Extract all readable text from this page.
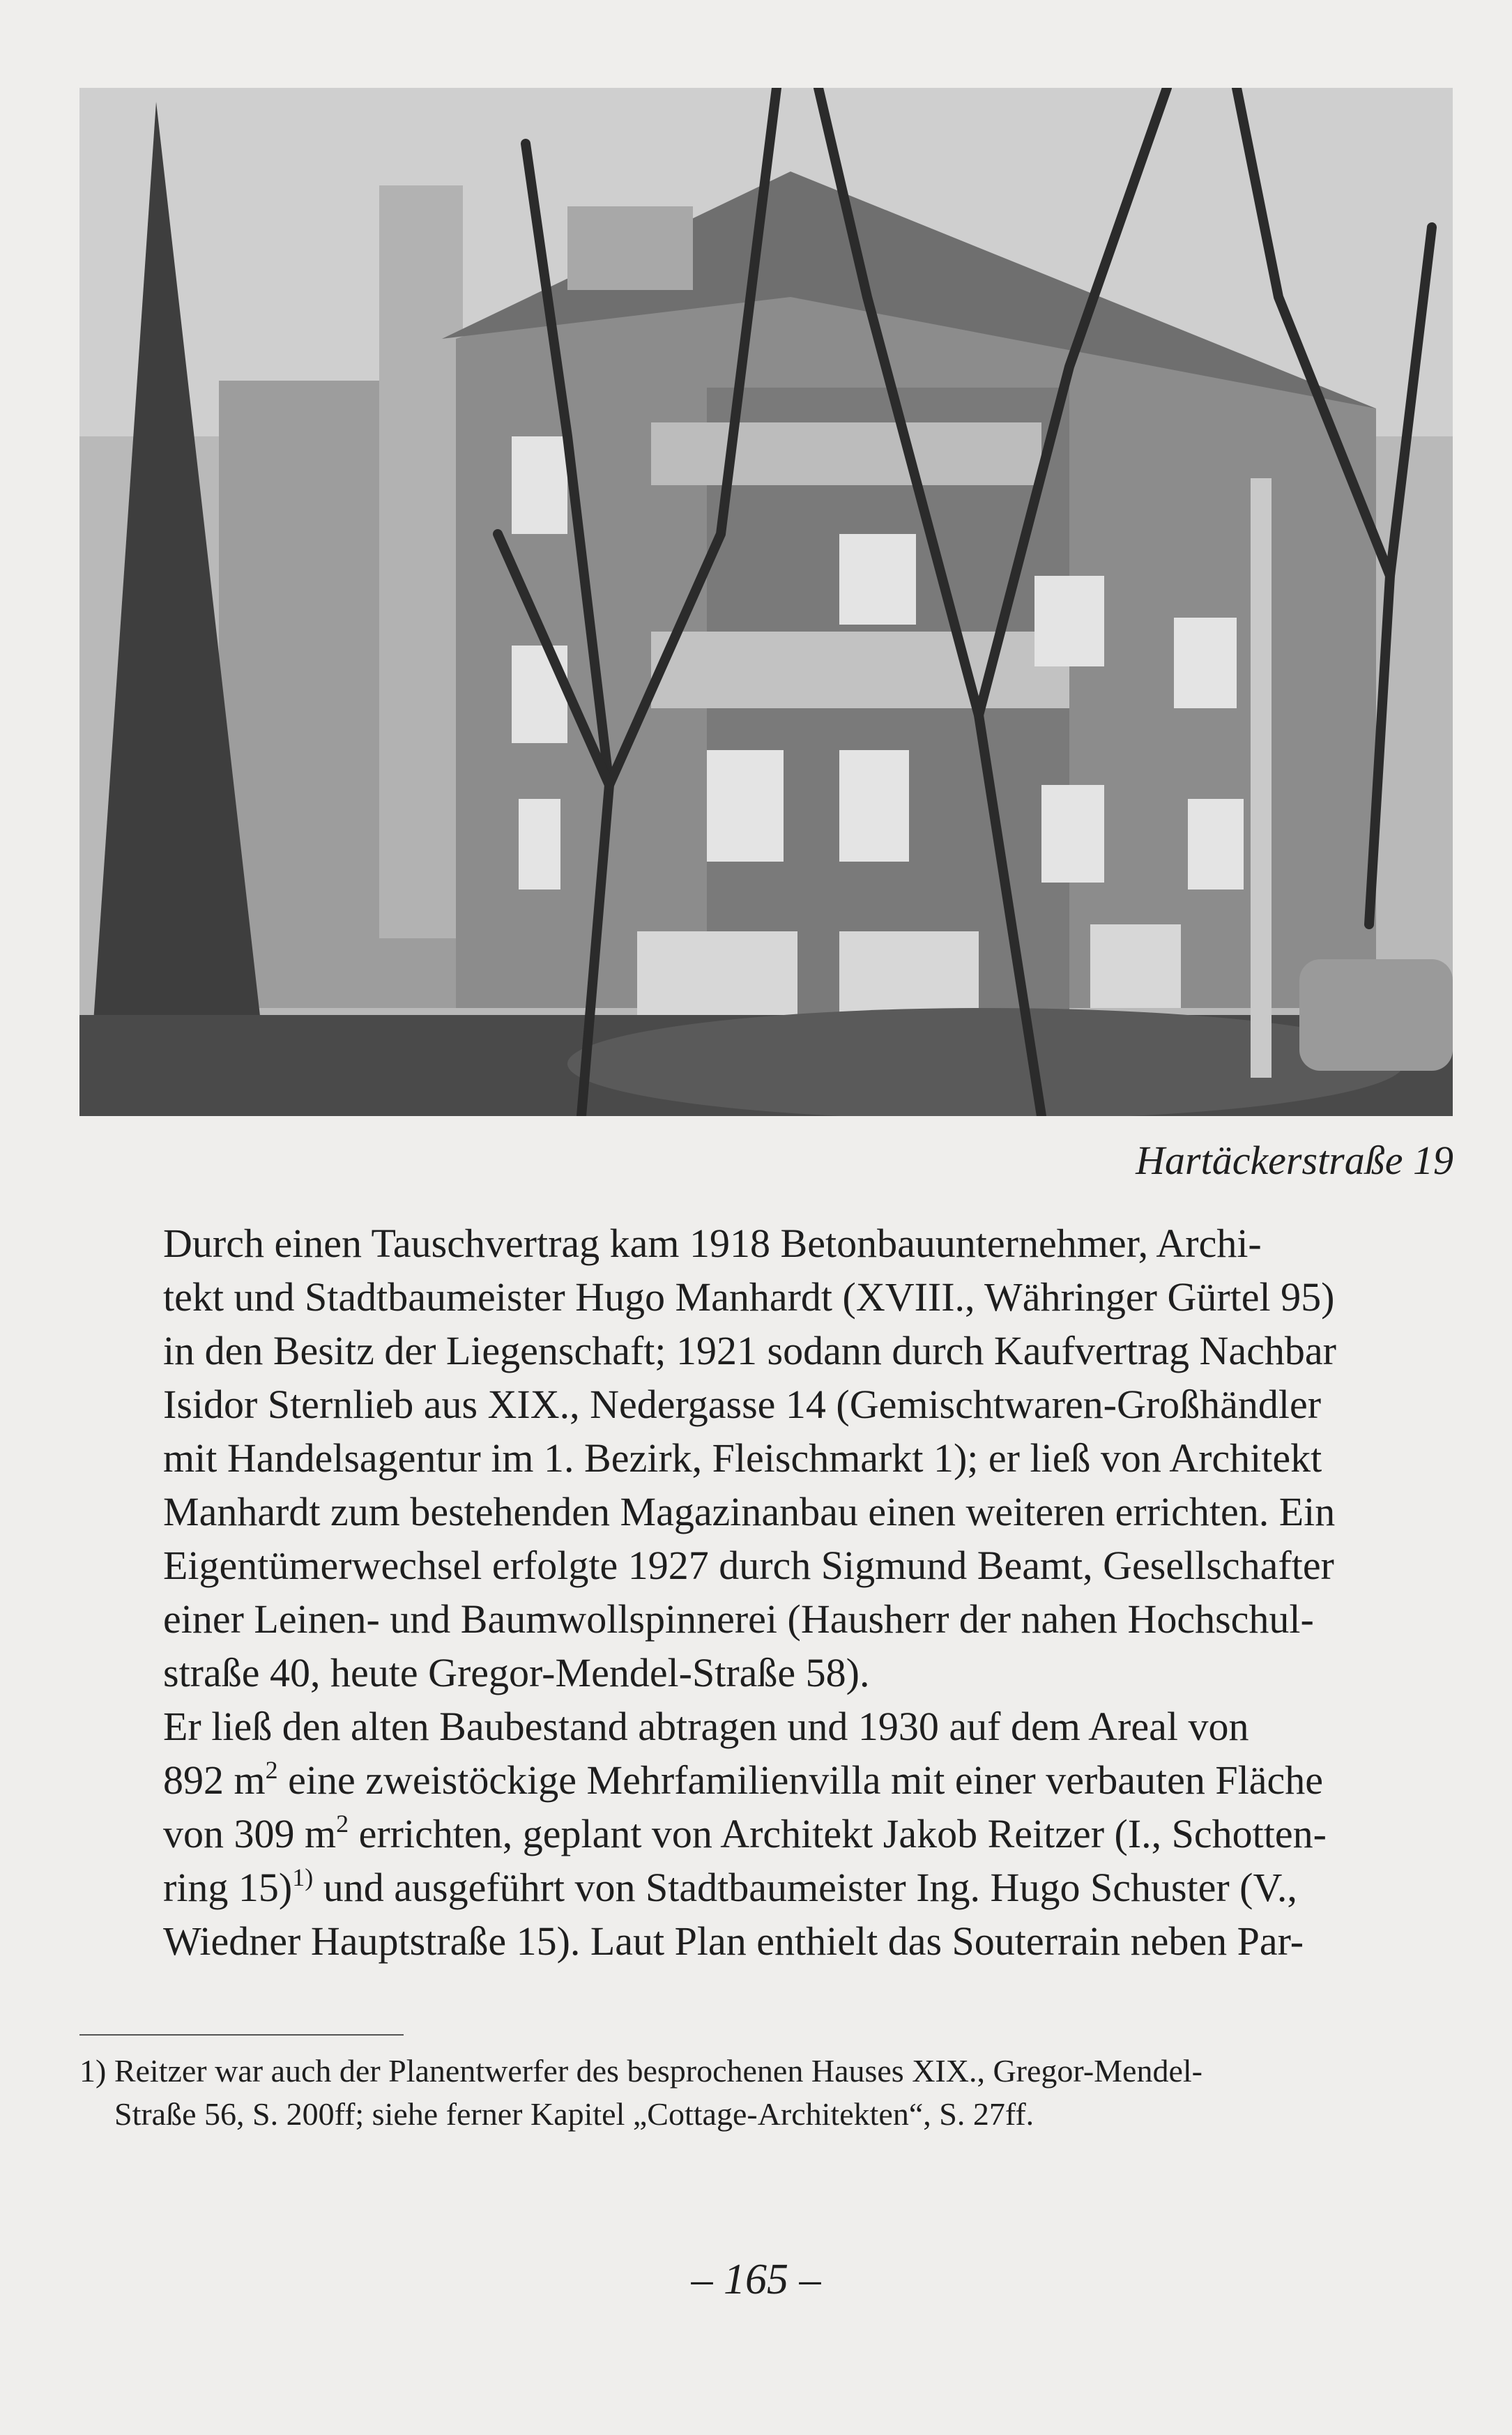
Hartäckerstraße 19

Durch einen Tauschvertrag kam 1918 Betonbauunternehmer, Archi-
tekt und Stadtbaumeister Hugo Manhardt (XVIII., Währinger Gürtel 95)
in den Besitz der Liegenschaft; 1921 sodann durch Kaufvertrag Nachbar
Isidor Sternlieb aus XIX., Nedergasse 14 (Gemischtwaren-Großhändler
mit Handelsagentur im 1. Bezirk, Fleischmarkt 1); er ließ von Architekt
Manhardt zum bestehenden Magazinanbau einen weiteren errichten. Ein
Eigentümerwechsel erfolgte 1927 durch Sigmund Beamt, Gesellschafter
einer Leinen- und Baumwollspinnerei (Hausherr der nahen Hochschul-
straße 40, heute Gregor-Mendel-Straße 58).

Er ließ den alten Baubestand abtragen und 1930 auf dem Areal von
892 $m^2$ eine zweistöckige Mehrfamilienvilla mit einer verbauten Fläche
von 309 $m^2$ errichten, geplant von Architekt Jakob Reitzer (I., Schotten-
ring 15)$^{1)}$ und ausgeführt von Stadtbaumeister Ing. Hugo Schuster (V.,
Wiedner Hauptstraße 15). Laut Plan enthielt das Souterrain neben Par-

1) Reitzer war auch der Planentwerfer des besprochenen Hauses XIX., Gregor-Mendel-
Straße 56, S. 200ff; siehe ferner Kapitel „Cottage-Architekten“, S. 27ff.
– 165 –
